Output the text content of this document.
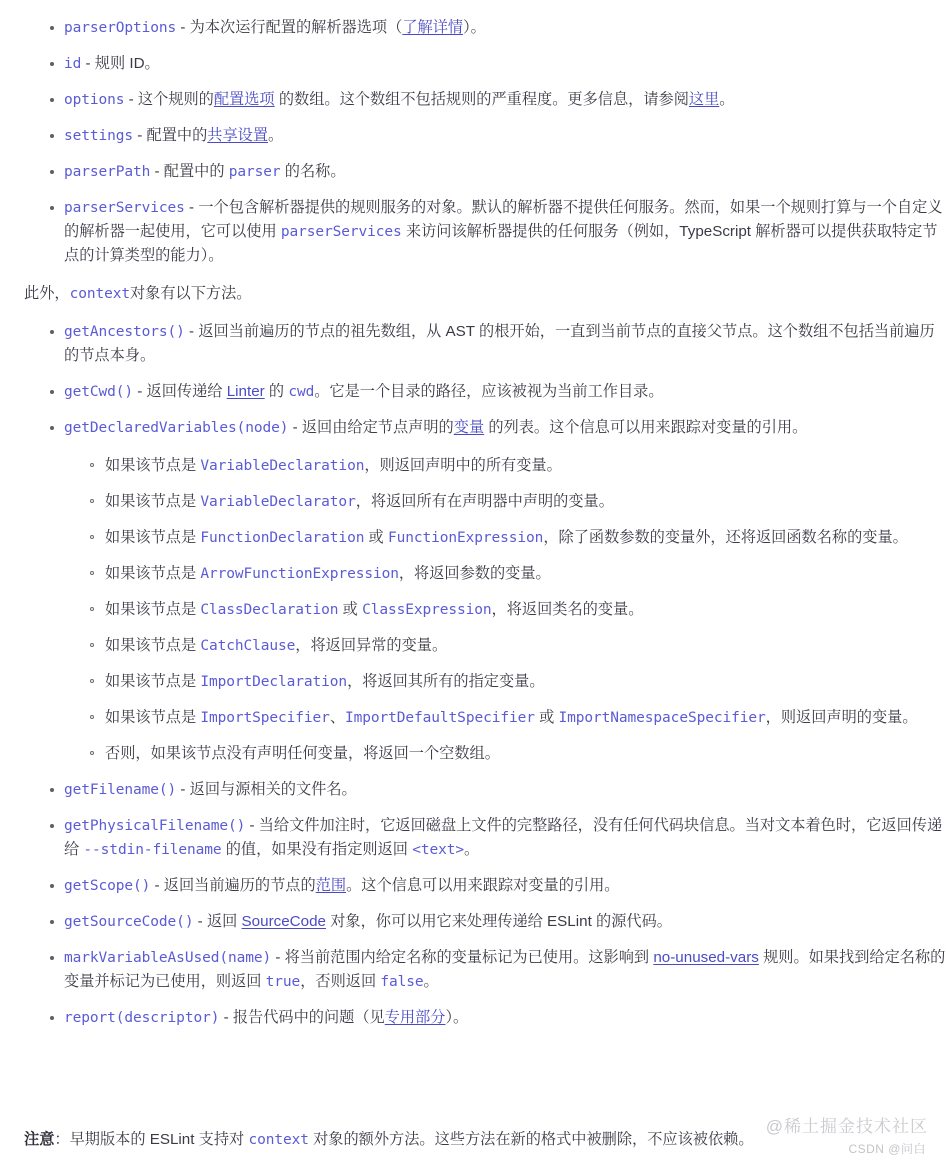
parserOptions - 为本次运行配置的解析器选项（了解详情）。
id - 规则 ID。
options - 这个规则的配置选项 的数组。这个数组不包括规则的严重程度。更多信息，请参阅这里。
settings - 配置中的共享设置。
parserPath - 配置中的 parser 的名称。
parserServices - 一个包含解析器提供的规则服务的对象。默认的解析器不提供任何服务。然而，如果一个规则打算与一个自定义的解析器一起使用，它可以使用 parserServices 来访问该解析器提供的任何服务（例如，TypeScript 解析器可以提供获取特定节点的计算类型的能力）。

此外，context对象有以下方法。

getAncestors() - 返回当前遍历的节点的祖先数组，从 AST 的根开始，一直到当前节点的直接父节点。这个数组不包括当前遍历的节点本身。
getCwd() - 返回传递给 Linter 的 cwd。它是一个目录的路径，应该被视为当前工作目录。
getDeclaredVariables(node) - 返回由给定节点声明的变量 的列表。这个信息可以用来跟踪对变量的引用。
如果该节点是 VariableDeclaration，则返回声明中的所有变量。
如果该节点是 VariableDeclarator，将返回所有在声明器中声明的变量。
如果该节点是 FunctionDeclaration 或 FunctionExpression，除了函数参数的变量外，还将返回函数名称的变量。
如果该节点是 ArrowFunctionExpression，将返回参数的变量。
如果该节点是 ClassDeclaration 或 ClassExpression，将返回类名的变量。
如果该节点是 CatchClause，将返回异常的变量。
如果该节点是 ImportDeclaration，将返回其所有的指定变量。
如果该节点是 ImportSpecifier、ImportDefaultSpecifier 或 ImportNamespaceSpecifier，则返回声明的变量。
否则，如果该节点没有声明任何变量，将返回一个空数组。
getFilename() - 返回与源相关的文件名。
getPhysicalFilename() - 当给文件加注时，它返回磁盘上文件的完整路径，没有任何代码块信息。当对文本着色时，它返回传递给 --stdin-filename 的值，如果没有指定则返回 <text>。
getScope() - 返回当前遍历的节点的范围。这个信息可以用来跟踪对变量的引用。
getSourceCode() - 返回 SourceCode 对象，你可以用它来处理传递给 ESLint 的源代码。
markVariableAsUsed(name) - 将当前范围内给定名称的变量标记为已使用。这影响到 no-unused-vars 规则。如果找到给定名称的变量并标记为已使用，则返回 true，否则返回 false。
report(descriptor) - 报告代码中的问题（见专用部分）。
注意：早期版本的 ESLint 支持对 context 对象的额外方法。这些方法在新的格式中被删除，不应该被依赖。
@稀土掘金技术社区
CSDN @问白
